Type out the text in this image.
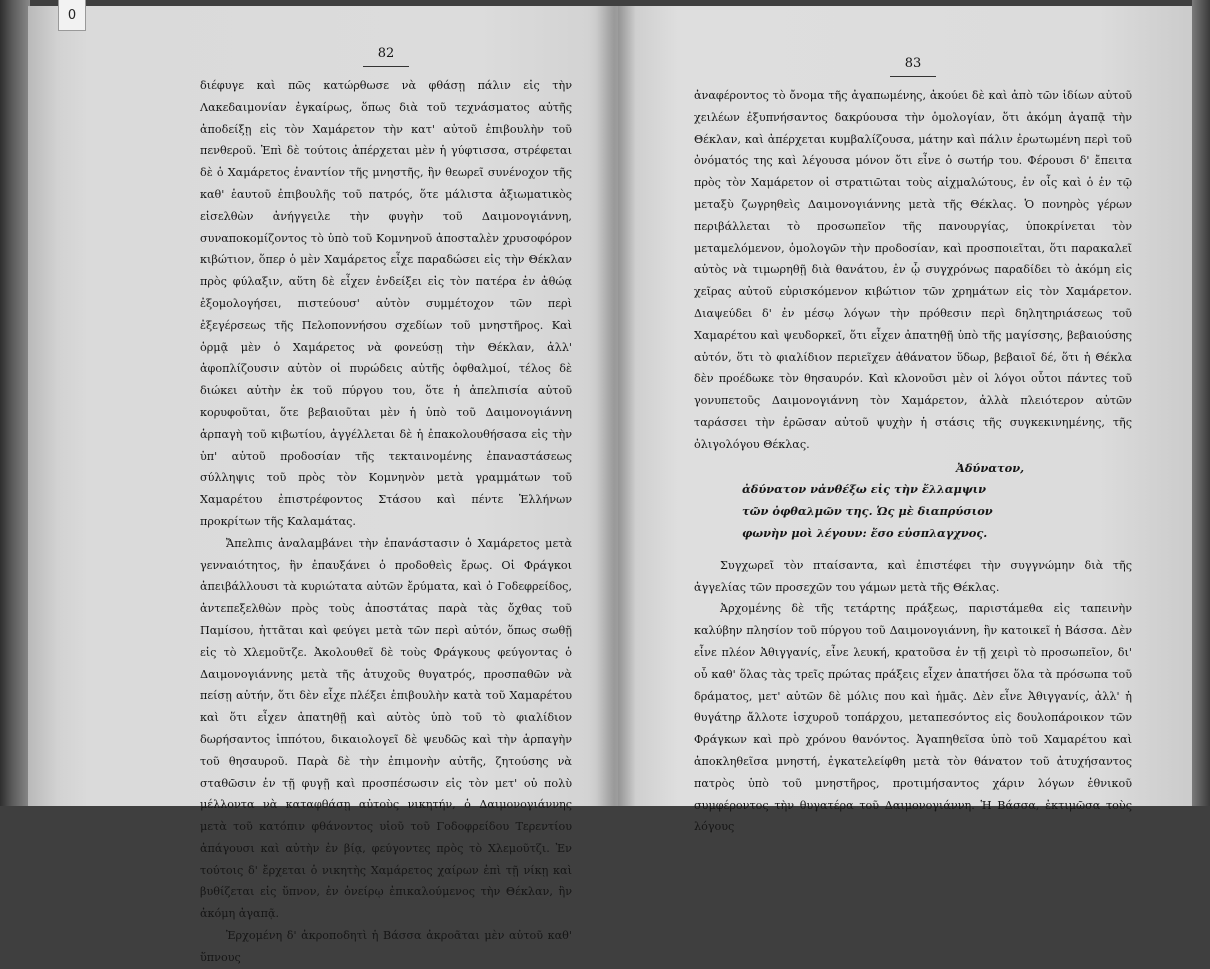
82

διέφυγε καὶ πῶς κατώρθωσε νὰ φθάσῃ πάλιν εἰς τὴν Λακεδαιμονίαν ἐγκαίρως, ὅπως διὰ τοῦ τεχνάσματος αὐτῆς ἀποδείξῃ εἰς τὸν Χαμάρετον τὴν κατ' αὐτοῦ ἐπιβουλὴν τοῦ πενθεροῦ. Ἐπὶ δὲ τούτοις ἀπέρχεται μὲν ἡ γύφτισσα, στρέφεται δὲ ὁ Χαμάρετος ἐναντίον τῆς μνηστῆς, ἣν θεωρεῖ συνένοχον τῆς καθ' ἑαυτοῦ ἐπιβουλῆς τοῦ πατρός, ὅτε μάλιστα ἀξιωματικὸς εἰσελθὼν ἀνήγγειλε τὴν φυγὴν τοῦ Δαιμονογιάννη, συναποκομίζοντος τὸ ὑπὸ τοῦ Κομνηνοῦ ἀποσταλὲν χρυσοφόρον κιβώτιον, ὅπερ ὁ μὲν Χαμάρετος εἶχε παραδώσει εἰς τὴν Θέκλαν πρὸς φύλαξιν, αὕτη δὲ εἶχεν ἐνδείξει εἰς τὸν πατέρα ἐν ἀθώᾳ ἐξομολογήσει, πιστεύουσ' αὐτὸν συμμέτοχον τῶν περὶ ἐξεγέρσεως τῆς Πελοποννήσου σχεδίων τοῦ μνηστῆρος. Καὶ ὁρμᾷ μὲν ὁ Χαμάρετος νὰ φονεύσῃ τὴν Θέκλαν, ἀλλ' ἀφοπλίζουσιν αὐτὸν οἱ πυρώδεις αὐτῆς ὀφθαλμοί, τέλος δὲ διώκει αὐτὴν ἐκ τοῦ πύργου του, ὅτε ἡ ἀπελπισία αὐτοῦ κορυφοῦται, ὅτε βεβαιοῦται μὲν ἡ ὑπὸ τοῦ Δαιμονογιάννη ἁρπαγὴ τοῦ κιβωτίου, ἀγγέλλεται δὲ ἡ ἐπακολουθήσασα εἰς τὴν ὑπ' αὐτοῦ προδοσίαν τῆς τεκταινομένης ἐπαναστάσεως σύλληψις τοῦ πρὸς τὸν Κομνηνὸν μετὰ γραμμάτων τοῦ Χαμαρέτου ἐπιστρέφοντος Στάσου καὶ πέντε Ἑλλήνων προκρίτων τῆς Καλαμάτας.

Ἄπελπις ἀναλαμβάνει τὴν ἐπανάστασιν ὁ Χαμάρετος μετὰ γενναιότητος, ἣν ἐπαυξάνει ὁ προδοθεὶς ἔρως. Οἱ Φράγκοι ἀπειβάλλουσι τὰ κυριώτατα αὐτῶν ἔρύματα, καὶ ὁ Γοδεφρείδος, ἀντεπεξελθὼν πρὸς τοὺς ἀποστάτας παρὰ τὰς ὄχθας τοῦ Παμίσου, ἡττᾶται καὶ φεύγει μετὰ τῶν περὶ αὐτόν, ὅπως σωθῇ εἰς τὸ Χλεμοῦτζε. Ἀκολουθεῖ δὲ τοὺς Φράγκους φεύγοντας ὁ Δαιμονογιάννης μετὰ τῆς ἀτυχοῦς θυγατρός, προσπαθῶν νὰ πείσῃ αὐτήν, ὅτι δὲν εἶχε πλέξει ἐπιβουλὴν κατὰ τοῦ Χαμαρέτου καὶ ὅτι εἶχεν ἀπατηθῇ καὶ αὐτὸς ὑπὸ τοῦ τὸ φιαλίδιον δωρήσαντος ἱππότου, δικαιολογεῖ δὲ ψευδῶς καὶ τὴν ἁρπαγὴν τοῦ θησαυροῦ. Παρὰ δὲ τὴν ἐπιμονὴν αὐτῆς, ζητούσης νὰ σταθῶσιν ἐν τῇ φυγῇ καὶ προσπέσωσιν εἰς τὸν μετ' οὐ πολὺ μέλλοντα νὰ καταφθάσῃ αὐτοὺς νικητήν, ὁ Δαιμονογιάννης μετὰ τοῦ κατόπιν φθάνοντος υἱοῦ τοῦ Γοδοφρείδου Τερεντίου ἀπάγουσι καὶ αὐτὴν ἐν βίᾳ, φεύγοντες πρὸς τὸ Χλεμοῦτζι. Ἐν τούτοις δ' ἔρχεται ὁ νικητὴς Χαμάρετος χαίρων ἐπὶ τῇ νίκῃ καὶ βυθίζεται εἰς ὕπνον, ἐν ὀνείρῳ ἐπικαλούμενος τὴν Θέκλαν, ἣν ἀκόμη ἀγαπᾷ.

Ἐρχομένη δ' ἀκροποδητὶ ἡ Βάσσα ἀκροᾶται μὲν αὐτοῦ καθ' ὕπνους

83

ἀναφέροντος τὸ ὄνομα τῆς ἀγαπωμένης, ἀκούει δὲ καὶ ἀπὸ τῶν ἰδίων αὐτοῦ χειλέων ἐξυπνήσαντος δακρύουσα τὴν ὁμολογίαν, ὅτι ἀκόμη ἀγαπᾷ τὴν Θέκλαν, καὶ ἀπέρχεται κυμβαλίζουσα, μάτην καὶ πάλιν ἐρωτωμένη περὶ τοῦ ὀνόματός της καὶ λέγουσα μόνον ὅτι εἶνε ὁ σωτήρ του. Φέρουσι δ' ἔπειτα πρὸς τὸν Χαμάρετον οἱ στρατιῶται τοὺς αἰχμαλώτους, ἐν οἷς καὶ ὁ ἐν τῷ μεταξὺ ζωγρηθεὶς Δαιμονογιάννης μετὰ τῆς Θέκλας. Ὁ πονηρὸς γέρων περιβάλλεται τὸ προσωπεῖον τῆς πανουργίας, ὑποκρίνεται τὸν μεταμελόμενον, ὁμολογῶν τὴν προδοσίαν, καὶ προσποιεῖται, ὅτι παρακαλεῖ αὐτὸς νὰ τιμωρηθῇ διὰ θανάτου, ἐν ᾧ συγχρόνως παραδίδει τὸ ἀκόμη εἰς χεῖρας αὐτοῦ εὑρισκόμενον κιβώτιον τῶν χρημάτων εἰς τὸν Χαμάρετον. Διαψεύδει δ' ἐν μέσῳ λόγων τὴν πρόθεσιν περὶ δηλητηριάσεως τοῦ Χαμαρέτου καὶ ψευδορκεῖ, ὅτι εἶχεν ἀπατηθῇ ὑπὸ τῆς μαγίσσης, βεβαιούσης αὐτόν, ὅτι τὸ φιαλίδιον περιεῖχεν ἀθάνατον ὕδωρ, βεβαιοῖ δέ, ὅτι ἡ Θέκλα δὲν προέδωκε τὸν θησαυρόν. Καὶ κλονοῦσι μὲν οἱ λόγοι οὗτοι πάντες τοῦ γονυπετοῦς Δαιμονογιάννη τὸν Χαμάρετον, ἀλλὰ πλειότερον αὐτῶν ταράσσει τὴν ἐρῶσαν αὐτοῦ ψυχὴν ἡ στάσις τῆς συγκεκινημένης, τῆς ὀλιγολόγου Θέκλας.

Ἀδύνατον,
ἀδύνατον νἀνθέξω εἰς τὴν ἔλλαμψιν
τῶν ὀφθαλμῶν της. Ὡς μὲ διαπρύσιον
φωνὴν μοὶ λέγουν: ἔσο εὐσπλαγχνος.

Συγχωρεῖ τὸν πταίσαντα, καὶ ἐπιστέφει τὴν συγγνώμην διὰ τῆς ἀγγελίας τῶν προσεχῶν του γάμων μετὰ τῆς Θέκλας.

Ἀρχομένης δὲ τῆς τετάρτης πράξεως, παριστάμεθα εἰς ταπεινὴν καλύβην πλησίον τοῦ πύργου τοῦ Δαιμονογιάννη, ἣν κατοικεῖ ἡ Βάσσα. Δὲν εἶνε πλέον Ἀθιγγανίς, εἶνε λευκή, κρατοῦσα ἐν τῇ χειρὶ τὸ προσωπεῖον, δι' οὗ καθ' ὅλας τὰς τρεῖς πρώτας πράξεις εἶχεν ἀπατήσει ὅλα τὰ πρόσωπα τοῦ δράματος, μετ' αὐτῶν δὲ μόλις που καὶ ἡμᾶς. Δὲν εἶνε Ἀθιγγανίς, ἀλλ' ἡ θυγάτηρ ἄλλοτε ἰσχυροῦ τοπάρχου, μεταπεσόντος εἰς δουλοπάροικον τῶν Φράγκων καὶ πρὸ χρόνου θανόντος. Ἀγαπηθεῖσα ὑπὸ τοῦ Χαμαρέτου καὶ ἀποκληθεῖσα μνηστή, ἐγκατελείφθη μετὰ τὸν θάνατον τοῦ ἀτυχήσαντος πατρὸς ὑπὸ τοῦ μνηστῆρος, προτιμήσαντος χάριν λόγων ἐθνικοῦ συμφέροντος τὴν θυγατέρα τοῦ Δαιμονογιάννη. Ἡ Βάσσα, ἐκτιμῶσα τοὺς λόγους

0
